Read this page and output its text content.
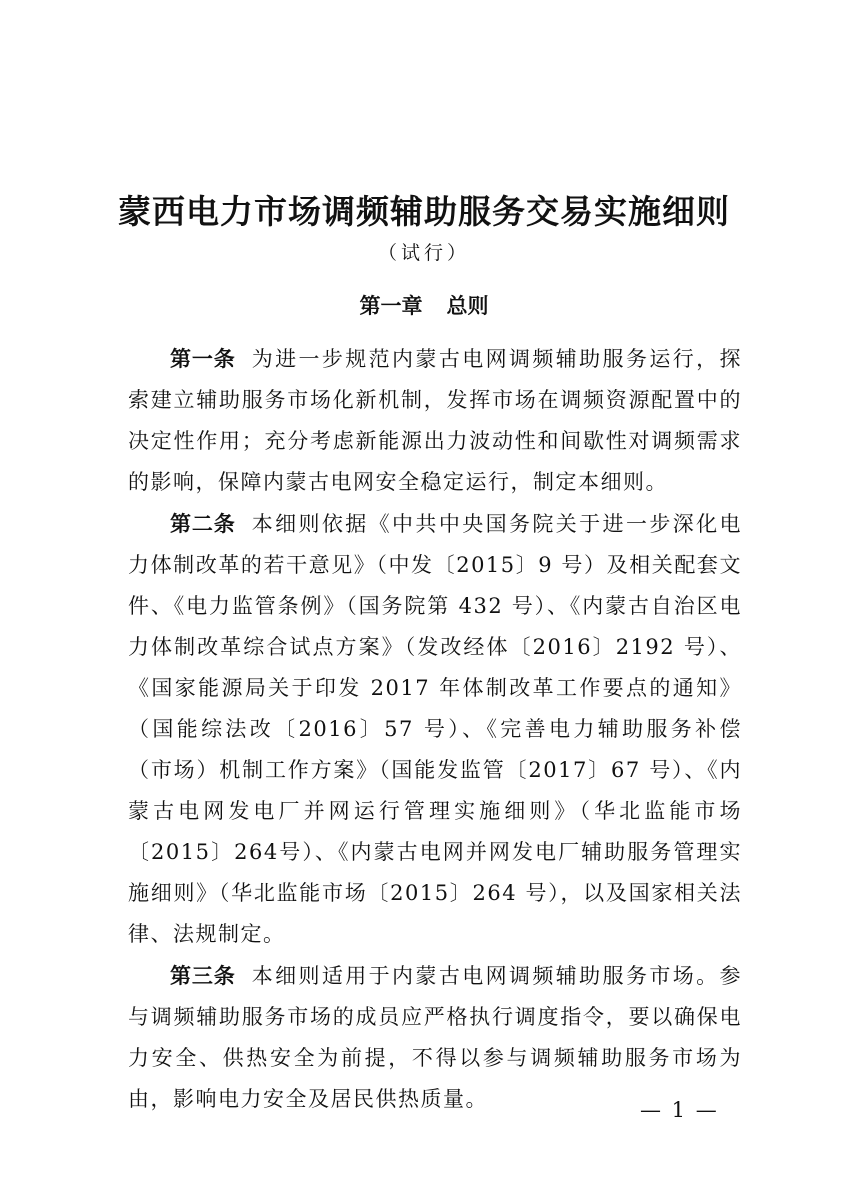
蒙西电力市场调频辅助服务交易实施细则
（试行）
第一章 总则

第一条 为进一步规范内蒙古电网调频辅助服务运行，探索建立辅助服务市场化新机制，发挥市场在调频资源配置中的决定性作用；充分考虑新能源出力波动性和间歇性对调频需求的影响，保障内蒙古电网安全稳定运行，制定本细则。

第二条 本细则依据《中共中央国务院关于进一步深化电力体制改革的若干意见》（中发〔2015〕9 号）及相关配套文件、《电力监管条例》（国务院第 432 号）、《内蒙古自治区电力体制改革综合试点方案》（发改经体〔2016〕2192 号）、《国家能源局关于印发 2017 年体制改革工作要点的通知》（国能综法改〔2016〕57 号）、《完善电力辅助服务补偿（市场）机制工作方案》（国能发监管〔2017〕67 号）、《内蒙古电网发电厂并网运行管理实施细则》（华北监能市场〔2015〕264号）、《内蒙古电网并网发电厂辅助服务管理实施细则》（华北监能市场〔2015〕264 号），以及国家相关法律、法规制定。

第三条 本细则适用于内蒙古电网调频辅助服务市场。参与调频辅助服务市场的成员应严格执行调度指令，要以确保电力安全、供热安全为前提，不得以参与调频辅助服务市场为由，影响电力安全及居民供热质量。	— 1 —
